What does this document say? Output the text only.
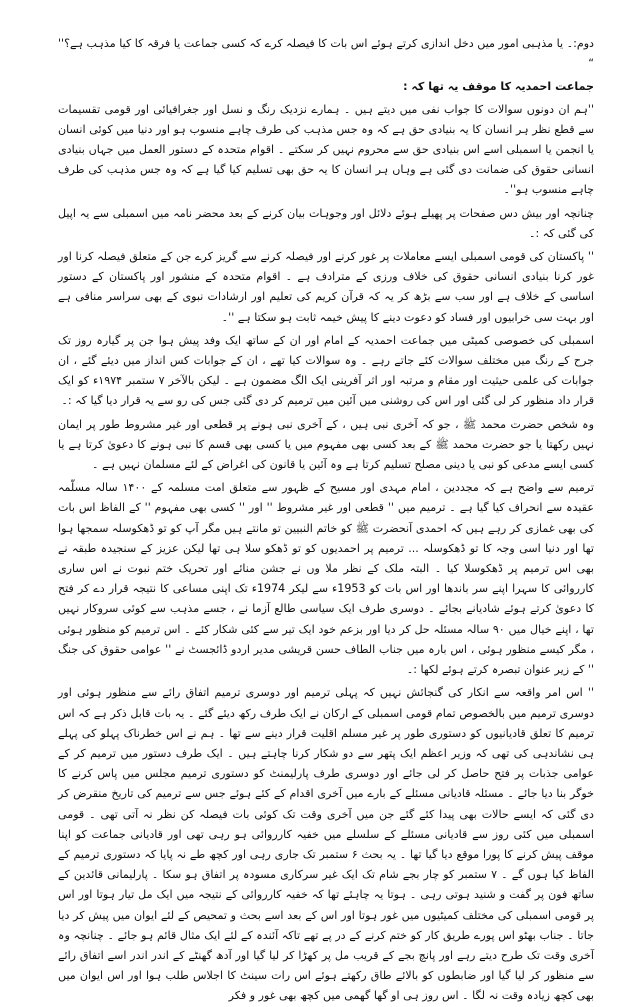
دوم:۔ یا مذہبی امور میں دخل اندازی کرتے ہوئے اس بات کا فیصلہ کرے کہ کسی جماعت یا فرقہ کا کیا مذہب ہے؟'' “

جماعت احمدیہ کا موقف یہ تھا کہ :

''ہم ان دونوں سوالات کا جواب نفی میں دیتے ہیں ۔ ہمارے نزدیک رنگ و نسل اور جغرافیائی اور قومی تقسیمات سے قطع نظر ہر انسان کا یہ بنیادی حق ہے کہ وہ جس مذہب کی طرف چاہے منسوب ہو اور دنیا میں کوئی انسان یا انجمن یا اسمبلی اسے اس بنیادی حق سے محروم نہیں کر سکتے ۔ اقوام متحدہ کے دستور العمل میں جہاں بنیادی انسانی حقوق کی ضمانت دی گئی ہے وہاں ہر انسان کا یہ حق بھی تسلیم کیا گیا ہے کہ وہ جس مذہب کی طرف چاہے منسوب ہو''۔

چنانچہ اور بیش دس صفحات پر پھیلے ہوئے دلائل اور وجوہات بیان کرنے کے بعد محضر نامہ میں اسمبلی سے یہ اپیل کی گئی کہ :۔

'' پاکستان کی قومی اسمبلی ایسے معاملات پر غور کرنے اور فیصلہ کرنے سے گریز کرے جن کے متعلق فیصلہ کرنا اور غور کرنا بنیادی انسانی حقوق کی خلاف ورزی کے مترادف ہے ۔ اقوام متحدہ کے منشور اور پاکستان کے دستور اساسی کے خلاف ہے اور سب سے بڑھ کر یہ کہ قرآن کریم کی تعلیم اور ارشادات نبوی کے بھی سراسر منافی ہے اور بہت سی خرابیوں اور فساد کو دعوت دینے کا پیش خیمہ ثابت ہو سکتا ہے ''۔

اسمبلی کی خصوصی کمیٹی میں جماعت احمدیہ کے امام اور ان کے ساتھ ایک وفد پیش ہوا جن پر گیارہ روز تک جرح کے رنگ میں مختلف سوالات کئے جاتے رہے ۔ وہ سوالات کیا تھے ، ان کے جوابات کس انداز میں دیئے گئے ، ان جوابات کی علمی حیثیت اور مقام و مرتبہ اور اثر آفرینی ایک الگ مضمون ہے ۔ لیکن بالآخر ۷ ستمبر ۱۹۷۴ء کو ایک قرار داد منظور کر لی گئی اور اس کی روشنی میں آئین میں ترمیم کر دی گئی جس کی رو سے یہ قرار دیا گیا کہ :۔

وہ شخص حضرت محمد ﷺ ، جو کہ آخری نبی ہیں ، کے آخری نبی ہونے پر قطعی اور غیر مشروط طور پر ایمان نہیں رکھتا یا جو حضرت محمد ﷺ کے بعد کسی بھی مفہوم میں یا کسی بھی قسم کا نبی ہونے کا دعویٰ کرتا ہے یا کسی ایسے مدعی کو نبی یا دینی مصلح تسلیم کرتا ہے وہ آئین یا قانون کی اغراض کے لئے مسلمان نہیں ہے ۔

ترمیم سے واضح ہے کہ مجددین ، امام مہدی اور مسیح کے ظہور سے متعلق امت مسلمہ کے ۱۴۰۰ سالہ مسلّمہ عقیدہ سے انحراف کیا گیا ہے ۔ ترمیم میں '' قطعی اور غیر مشروط '' اور '' کسی بھی مفہوم '' کے الفاظ اس بات کی بھی غمازی کر رہے ہیں کہ احمدی آنحضرت ﷺ کو خاتم النبیین تو مانتے ہیں مگر آپ کو تو ڈھکوسلہ سمجھا ہوا تھا اور دنیا اسی وجہ کا تو ڈھکوسلہ ... ترمیم پر احمدیوں کو تو ڈھکو سلا ہی تھا لیکن عزیز کے سنجیدہ طبقہ نے بھی اس ترمیم پر ڈھکوسلا کیا ۔ البتہ ملک کے نظر ملا وں نے جشن منائے اور تحریک ختم نبوت نے اس ساری کارروائی کا سہرا اپنے سر باندھا اور اس بات کو 1953ء سے لیکر 1974ء تک اپنی مساعی کا نتیجہ قرار دے کر فتح کا دعویٰ کرتے ہوئے شادیانے بجائے ۔ دوسری طرف ایک سیاسی طالع آزما نے ، جسے مذہب سے کوئی سروکار نہیں تھا ، اپنے خیال میں ۹۰ سالہ مسئلہ حل کر دیا اور بزعم خود ایک تیر سے کئی شکار کئے ۔ اس ترمیم کو منظور ہوئی ، مگر کیسے منظور ہوئی ، اس بارہ میں جناب الطاف حسن قریشی مدیر اردو ڈائجسٹ نے '' عوامی حقوق کی جنگ '' کے زیر عنوان تبصرہ کرتے ہوئے لکھا :۔

'' اس امر واقعہ سے انکار کی گنجائش نہیں کہ پہلی ترمیم اور دوسری ترمیم اتفاق رائے سے منظور ہوئی اور دوسری ترمیم میں بالخصوص تمام قومی اسمبلی کے ارکان نے ایک طرف رکھ دیئے گئے ۔ یہ بات قابل ذکر ہے کہ اس ترمیم کا تعلق قادیانیوں کو دستوری طور پر غیر مسلم اقلیت قرار دینے سے تھا ۔ ہم نے اس خطرناک پہلو کی پہلے ہی نشاندہی کی تھی کہ وزیر اعظم ایک پتھر سے دو شکار کرنا چاہتے ہیں ۔ ایک طرف دستور میں ترمیم کر کے عوامی جذبات پر فتح حاصل کر لی جائے اور دوسری طرف پارلیمنٹ کو دستوری ترمیم مجلس میں پاس کرنے کا خوگر بنا دیا جائے ۔ مسئلہ قادیانی مسئلے کے بارے میں آخری اقدام کے کئے ہوئے جس سے ترمیم کی تاریخ منقرض کر دی گئی کہ ایسے حالات بھی پیدا کئے گئے جن میں آخری وقت تک کوئی بات فیصلہ کن نظر نہ آتی تھی ۔ قومی اسمبلی میں کئی روز سے قادیانی مسئلے کے سلسلے میں خفیہ کارروائی ہو رہی تھی اور قادیانی جماعت کو اپنا موقف پیش کرنے کا پورا موقع دیا گیا تھا ۔ یہ بحث ۶ ستمبر تک جاری رہی اور کچھ طے نہ پایا کہ دستوری ترمیم کے الفاظ کیا ہوں گے ۔ ۷ ستمبر کو چار بجے شام تک ایک غیر سرکاری مسودہ پر اتفاق ہو سکا ۔ پارلیمانی قائدین کے ساتھ فون پر گفت و شنید ہوتی رہی ۔ ہوتا یہ چاہئے تھا کہ خفیہ کارروائی کے نتیجہ میں ایک مل تیار ہوتا اور اس پر قومی اسمبلی کی مختلف کمیٹیوں میں غور ہوتا اور اس کے بعد اسے بحث و تمحیص کے لئے ایوان میں پیش کر دیا جاتا ۔ جناب بھٹو اس پورے طریق کار کو ختم کرنے کے در پے تھے تاکہ آئندہ کے لئے ایک مثال قائم ہو جائے ۔ چنانچہ وہ آخری وقت تک طرح دیتے رہے اور پانچ بجے کے قریب مل پر کھڑا کر لیا گیا اور آدھ گھنٹے کے اندر اندر اسے اتفاق رائے سے منظور کر لیا گیا اور ضابطوں کو بالائے طاق رکھتے ہوئے اس رات سینٹ کا اجلاس طلب ہوا اور اس ایوان میں بھی کچھ زیادہ وقت نہ لگا ۔ اس روز ہی او گھا گھمی میں کچھ بھی غور و فکر
